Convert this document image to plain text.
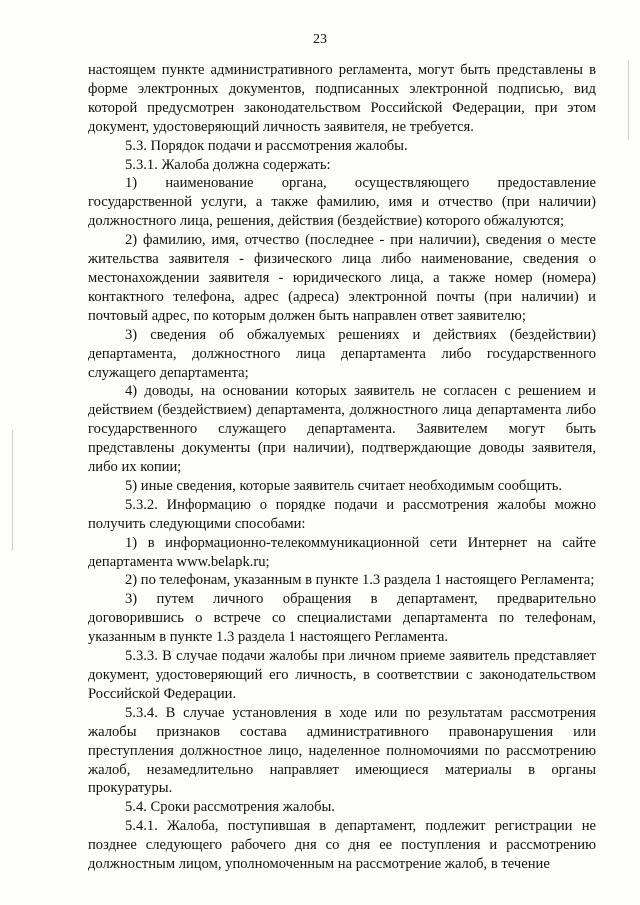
23

настоящем пункте административного регламента, могут быть представлены в форме электронных документов, подписанных электронной подписью, вид которой предусмотрен законодательством Российской Федерации, при этом документ, удостоверяющий личность заявителя, не требуется.

5.3. Порядок подачи и рассмотрения жалобы.

5.3.1. Жалоба должна содержать:

1) наименование органа, осуществляющего предоставление государственной услуги, а также фамилию, имя и отчество (при наличии) должностного лица, решения, действия (бездействие) которого обжалуются;

2) фамилию, имя, отчество (последнее - при наличии), сведения о месте жительства заявителя - физического лица либо наименование, сведения о местонахождении заявителя - юридического лица, а также номер (номера) контактного телефона, адрес (адреса) электронной почты (при наличии) и почтовый адрес, по которым должен быть направлен ответ заявителю;

3) сведения об обжалуемых решениях и действиях (бездействии) департамента, должностного лица департамента либо государственного служащего департамента;

4) доводы, на основании которых заявитель не согласен с решением и действием (бездействием) департамента, должностного лица департамента либо государственного служащего департамента. Заявителем могут быть представлены документы (при наличии), подтверждающие доводы заявителя, либо их копии;

5) иные сведения, которые заявитель считает необходимым сообщить.

5.3.2. Информацию о порядке подачи и рассмотрения жалобы можно получить следующими способами:

1) в информационно-телекоммуникационной сети Интернет на сайте департамента www.belapk.ru;

2) по телефонам, указанным в пункте 1.3 раздела 1 настоящего Регламента;

3) путем личного обращения в департамент, предварительно договорившись о встрече со специалистами департамента по телефонам, указанным в пункте 1.3 раздела 1 настоящего Регламента.

5.3.3. В случае подачи жалобы при личном приеме заявитель представляет документ, удостоверяющий его личность, в соответствии с законодательством Российской Федерации.

5.3.4. В случае установления в ходе или по результатам рассмотрения жалобы признаков состава административного правонарушения или преступления должностное лицо, наделенное полномочиями по рассмотрению жалоб, незамедлительно направляет имеющиеся материалы в органы прокуратуры.

5.4. Сроки рассмотрения жалобы.

5.4.1. Жалоба, поступившая в департамент, подлежит регистрации не позднее следующего рабочего дня со дня ее поступления и рассмотрению должностным лицом, уполномоченным на рассмотрение жалоб, в течение
